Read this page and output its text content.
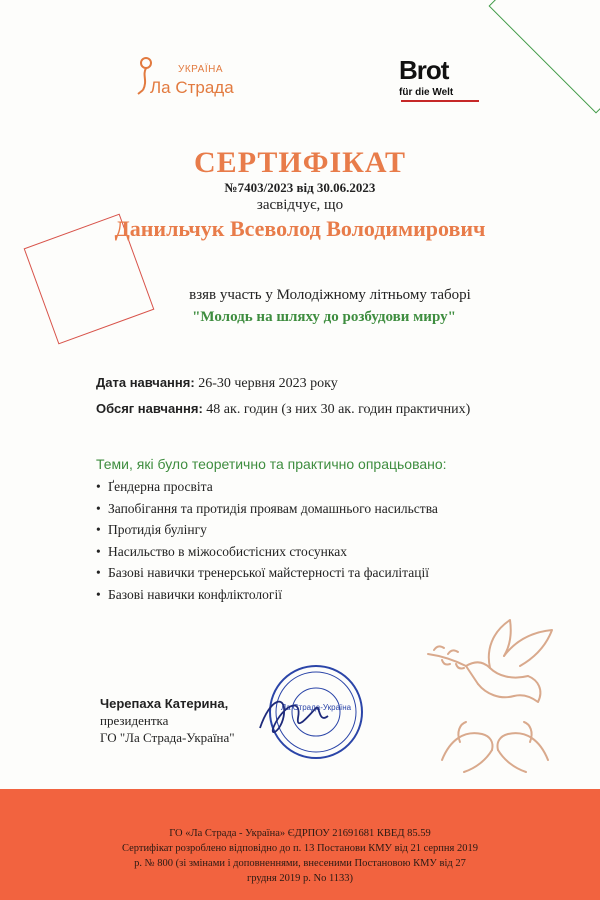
УКРАЇНА
Ла Страда
Brot
für die Welt
СЕРТИФІКАТ
№7403/2023 від 30.06.2023
засвідчує, що
Данильчук Всеволод Володимирович
взяв участь у Молодіжному літньому таборі
"Молодь на шляху до розбудови миру"
Дата навчання: 26-30 червня 2023 року
Обсяг навчання: 48 ак. годин (з них 30 ак. годин практичних)
Теми, які було теоретично та практично опрацьовано:
• Ґендерна просвіта
• Запобігання та протидія проявам домашнього насильства
• Протидія булінгу
• Насильство в міжособистісних стосунках
• Базові навички тренерської майстерності та фасилітації
• Базові навички конфліктології
Черепаха Катерина,
президентка
ГО "Ла Страда-Україна"
Ла Страда-Україна
ГО «Ла Страда - Україна» ЄДРПОУ 21691681 КВЕД 85.59
Сертифікат розроблено відповідно до п. 13 Постанови КМУ від 21 серпня 2019
р. № 800 (зі змінами і доповненнями, внесеними Постановою КМУ від 27
грудня 2019 р. No 1133)
